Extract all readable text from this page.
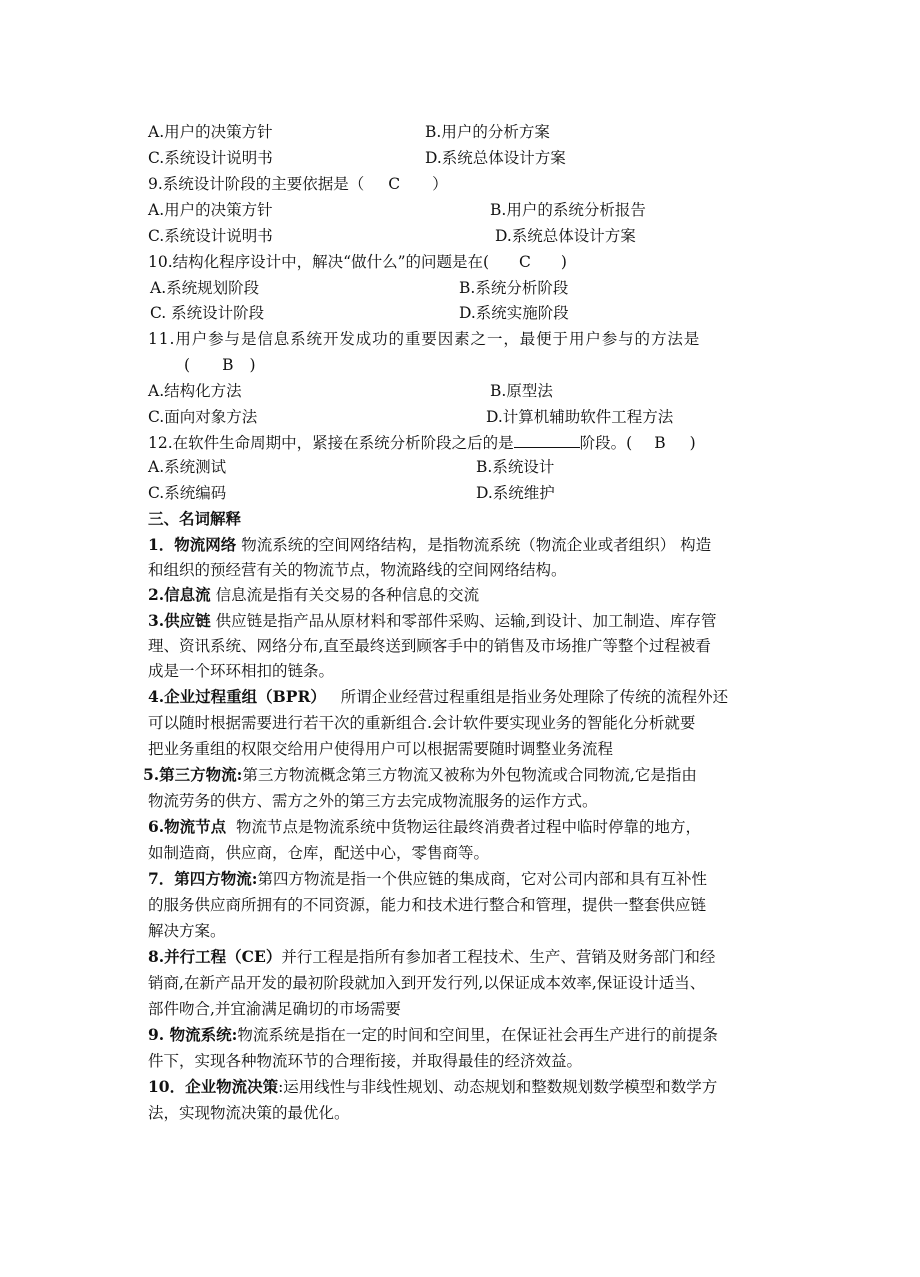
A.用户的决策方针	B.用户的分析方案
C.系统设计说明书	D.系统总体设计方案
9.系统设计阶段的主要依据是（ C ）
A.用户的决策方针	B.用户的系统分析报告
C.系统设计说明书	D.系统总体设计方案
10.结构化程序设计中，解决“做什么”的问题是在( C )
A.系统规划阶段	B.系统分析阶段
C. 系统设计阶段	D.系统实施阶段
11.用户参与是信息系统开发成功的重要因素之一，最便于用户参与的方法是
( B )
A.结构化方法	B.原型法
C.面向对象方法	D.计算机辅助软件工程方法
12.在软件生命周期中，紧接在系统分析阶段之后的是	阶段。( B )
A.系统测试	B.系统设计
C.系统编码	D.系统维护
三、名词解释
1．物流网络 物流系统的空间网络结构，是指物流系统（物流企业或者组织） 构造
和组织的预经营有关的物流节点，物流路线的空间网络结构。
2.信息流 信息流是指有关交易的各种信息的交流
3.供应链 供应链是指产品从原材料和零部件采购、运输,到设计、加工制造、库存管
理、资讯系统、网络分布,直至最终送到顾客手中的销售及市场推广等整个过程被看
成是一个环环相扣的链条。
4.企业过程重组（BPR） 所谓企业经营过程重组是指业务处理除了传统的流程外还
可以随时根据需要进行若干次的重新组合.会计软件要实现业务的智能化分析就要
把业务重组的权限交给用户使得用户可以根据需要随时调整业务流程
5.第三方物流:第三方物流概念第三方物流又被称为外包物流或合同物流,它是指由
物流劳务的供方、需方之外的第三方去完成物流服务的运作方式。
6.物流节点 物流节点是物流系统中货物运往最终消费者过程中临时停靠的地方，
如制造商，供应商，仓库，配送中心，零售商等。
7．第四方物流:第四方物流是指一个供应链的集成商，它对公司内部和具有互补性
的服务供应商所拥有的不同资源，能力和技术进行整合和管理，提供一整套供应链
解决方案。
8.并行工程（CE）并行工程是指所有参加者工程技术、生产、营销及财务部门和经
销商,在新产品开发的最初阶段就加入到开发行列,以保证成本效率,保证设计适当、
部件吻合,并宜渝满足确切的市场需要
9. 物流系统:物流系统是指在一定的时间和空间里，在保证社会再生产进行的前提条
件下，实现各种物流环节的合理衔接，并取得最佳的经济效益。
10．企业物流决策:运用线性与非线性规划、动态规划和整数规划数学模型和数学方
法，实现物流决策的最优化。
